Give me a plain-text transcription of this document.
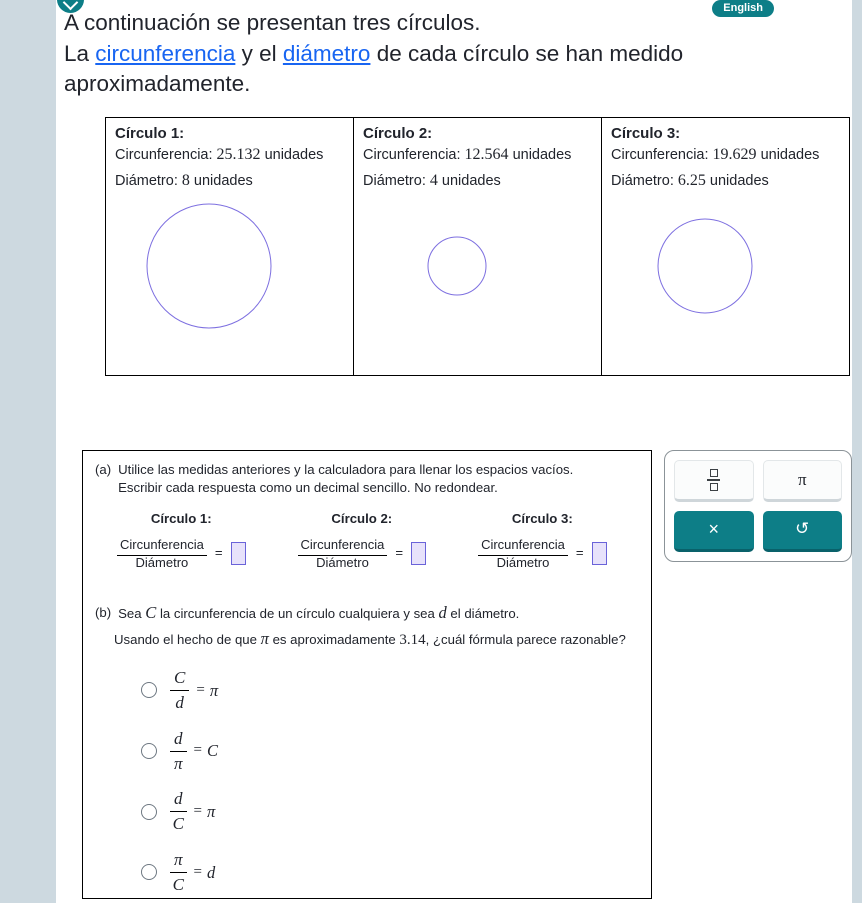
English
A continuación se presentan tres círculos.
La circunferencia y el diámetro de cada círculo se han medido
aproximadamente.
Círculo 1:
Circunferencia: 25.132 unidades
Diámetro: 8 unidades
Círculo 2:
Circunferencia: 12.564 unidades
Diámetro: 4 unidades
Círculo 3:
Circunferencia: 19.629 unidades
Diámetro: 6.25 unidades
(a) Utilice las medidas anteriores y la calculadora para llenar los espacios vacíos.
Escribir cada respuesta como un decimal sencillo. No redondear.
Círculo 1:
Circunferencia
Diámetro
=
Círculo 2:
Circunferencia
Diámetro
=
Círculo 3:
Circunferencia
Diámetro
=
(b) Sea C la circunferencia de un círculo cualquiera y sea d el diámetro.
Usando el hecho de que π es aproximadamente 3.14, ¿cuál fórmula parece razonable?
$\frac{C}{d} = \pi$
$\frac{d}{\pi} = C$
$\frac{d}{C} = \pi$
$\frac{\pi}{C} = d$
π
×	↺
